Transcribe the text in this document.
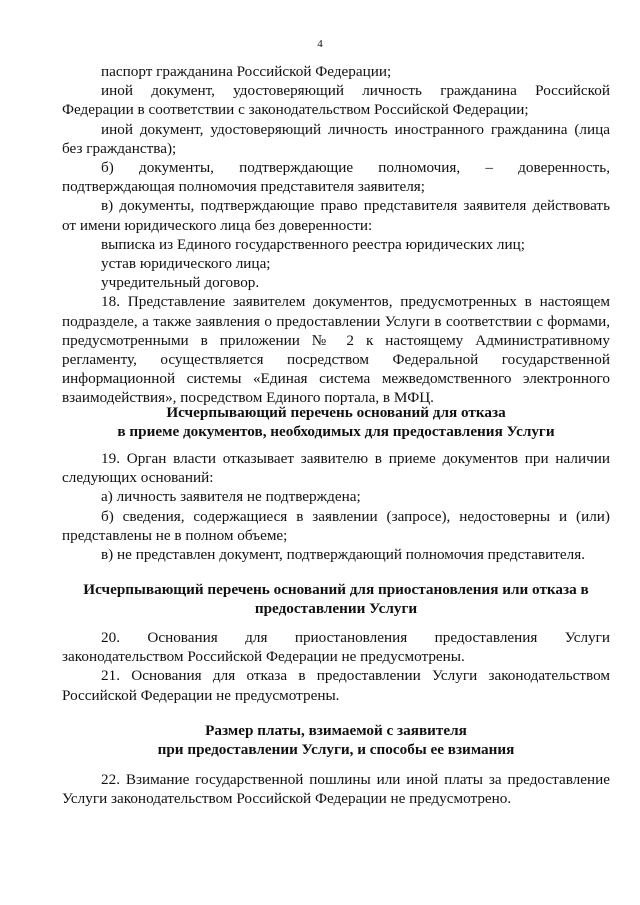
4

паспорт гражданина Российской Федерации;

иной документ, удостоверяющий личность гражданина Российской Федерации в соответствии с законодательством Российской Федерации;

иной документ, удостоверяющий личность иностранного гражданина (лица без гражданства);

б) документы, подтверждающие полномочия, – доверенность, подтверждающая полномочия представителя заявителя;

в) документы, подтверждающие право представителя заявителя действовать от имени юридического лица без доверенности:

выписка из Единого государственного реестра юридических лиц;

устав юридического лица;

учредительный договор.

18. Представление заявителем документов, предусмотренных в настоящем подразделе, а также заявления о предоставлении Услуги в соответствии с формами, предусмотренными в приложении № 2 к настоящему Административному регламенту, осуществляется посредством Федеральной государственной информационной системы «Единая система межведомственного электронного взаимодействия», посредством Единого портала, в МФЦ.

Исчерпывающий перечень оснований для отказа
в приеме документов, необходимых для предоставления Услуги

19. Орган власти отказывает заявителю в приеме документов при наличии следующих оснований:

а) личность заявителя не подтверждена;

б) сведения, содержащиеся в заявлении (запросе), недостоверны и (или) представлены не в полном объеме;

в) не представлен документ, подтверждающий полномочия представителя.

Исчерпывающий перечень оснований для приостановления или отказа в
предоставлении Услуги

20. Основания для приостановления предоставления Услуги законодательством Российской Федерации не предусмотрены.

21. Основания для отказа в предоставлении Услуги законодательством Российской Федерации не предусмотрены.

Размер платы, взимаемой с заявителя
при предоставлении Услуги, и способы ее взимания

22. Взимание государственной пошлины или иной платы за предоставление Услуги законодательством Российской Федерации не предусмотрено.
